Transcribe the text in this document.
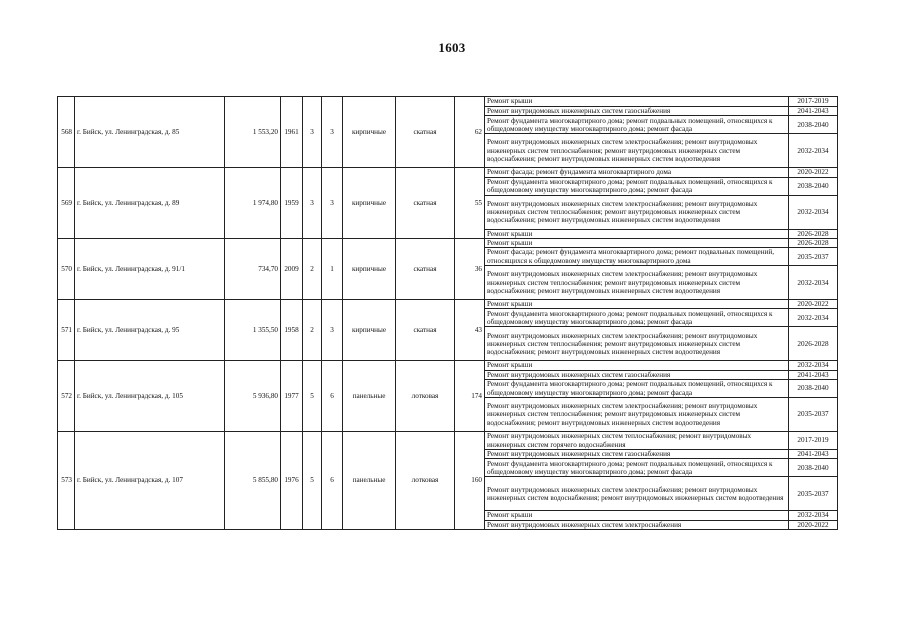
1603
568	г. Бийск, ул. Ленинградская, д. 85	1 553,20	1961	3	3	кирпичные	скатная	62	Ремонт крыши	2017-2019
									Ремонт внутридомовых инженерных систем газоснабжения	2041-2043
									Ремонт фундамента многоквартирного дома; ремонт подвальных помещений, относящихся к общедомовому имуществу многоквартирного дома; ремонт фасада	2038-2040
									Ремонт внутридомовых инженерных систем электроснабжения; ремонт внутридомовых инженерных систем теплоснабжения; ремонт внутридомовых инженерных систем водоснабжения; ремонт внутридомовых инженерных систем водоотведения	2032-2034
569	г. Бийск, ул. Ленинградская, д. 89	1 974,80	1959	3	3	кирпичные	скатная	55	Ремонт фасада; ремонт фундамента многоквартирного дома	2020-2022
									Ремонт фундамента многоквартирного дома; ремонт подвальных помещений, относящихся к общедомовому имуществу многоквартирного дома; ремонт фасада	2038-2040
									Ремонт внутридомовых инженерных систем электроснабжения; ремонт внутридомовых инженерных систем теплоснабжения; ремонт внутридомовых инженерных систем водоснабжения; ремонт внутридомовых инженерных систем водоотведения	2032-2034
									Ремонт крыши	2026-2028
570	г. Бийск, ул. Ленинградская, д. 91/1	734,70	2009	2	1	кирпичные	скатная	36	Ремонт крыши	2026-2028
									Ремонт фасада; ремонт фундамента многоквартирного дома; ремонт подвальных помещений, относящихся к общедомовому имуществу многоквартирного дома	2035-2037
									Ремонт внутридомовых инженерных систем электроснабжения; ремонт внутридомовых инженерных систем теплоснабжения; ремонт внутридомовых инженерных систем водоснабжения; ремонт внутридомовых инженерных систем водоотведения	2032-2034
571	г. Бийск, ул. Ленинградская, д. 95	1 355,50	1958	2	3	кирпичные	скатная	43	Ремонт крыши	2020-2022
									Ремонт фундамента многоквартирного дома; ремонт подвальных помещений, относящихся к общедомовому имуществу многоквартирного дома; ремонт фасада	2032-2034
									Ремонт внутридомовых инженерных систем электроснабжения; ремонт внутридомовых инженерных систем теплоснабжения; ремонт внутридомовых инженерных систем водоснабжения; ремонт внутридомовых инженерных систем водоотведения	2026-2028
572	г. Бийск, ул. Ленинградская, д. 105	5 936,80	1977	5	6	панельные	лотковая	174	Ремонт крыши	2032-2034
									Ремонт внутридомовых инженерных систем газоснабжения	2041-2043
									Ремонт фундамента многоквартирного дома; ремонт подвальных помещений, относящихся к общедомовому имуществу многоквартирного дома; ремонт фасада	2038-2040
									Ремонт внутридомовых инженерных систем электроснабжения; ремонт внутридомовых инженерных систем теплоснабжения; ремонт внутридомовых инженерных систем водоснабжения; ремонт внутридомовых инженерных систем водоотведения	2035-2037
573	г. Бийск, ул. Ленинградская, д. 107	5 855,80	1976	5	6	панельные	лотковая	160	Ремонт внутридомовых инженерных систем теплоснабжения; ремонт внутридомовых инженерных систем горячего водоснабжения	2017-2019
									Ремонт внутридомовых инженерных систем газоснабжения	2041-2043
									Ремонт фундамента многоквартирного дома; ремонт подвальных помещений, относящихся к общедомовому имуществу многоквартирного дома; ремонт фасада	2038-2040
									Ремонт внутридомовых инженерных систем электроснабжения; ремонт внутридомовых инженерных систем водоснабжения; ремонт внутридомовых инженерных систем водоотведения	2035-2037
									Ремонт крыши	2032-2034
									Ремонт внутридомовых инженерных систем электроснабжения	2020-2022
